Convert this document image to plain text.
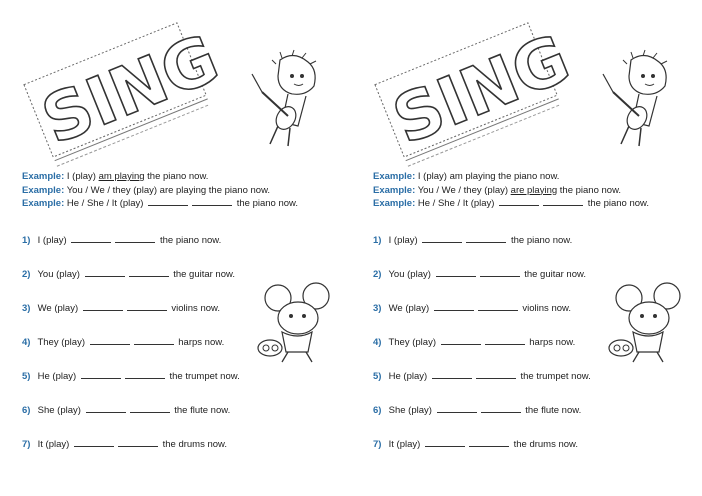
SING
Example: I (play) am playing the piano now.
Example: You / We / they (play) are playing the piano now.
Example: He / She / It (play)	the piano now.
1) I (play)	the piano now.
2) You (play)	the guitar now.
3) We (play)	violins now.
4) They (play)	harps now.
5) He (play)	the trumpet now.
6) She (play)	the flute now.
7) It (play)	the drums now.
SING
Example: I (play) am playing the piano now.
Example: You / We / they (play) are playing the piano now.
Example: He / She / It (play)	the piano now.
1) I (play)	the piano now.
2) You (play)	the guitar now.
3) We (play)	violins now.
4) They (play)	harps now.
5) He (play)	the trumpet now.
6) She (play)	the flute now.
7) It (play)	the drums now.
